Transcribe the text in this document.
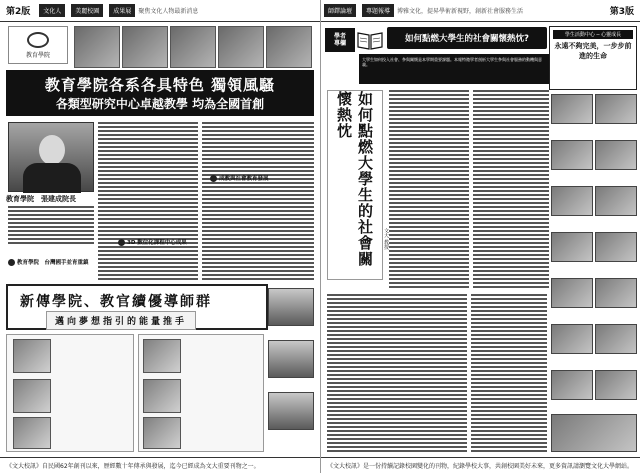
第2版	文化人	美麗校園	成果展	聚焦文化人物最新消息
教育學院
教育學院各系各具特色 獨領風騷
各類型研究中心卓越教學 均為全國首創
教育學院　張建成院長
成教與社會教育發展
3D 數位化課程中心成果
教育學院　台灣國手並育重鎮
新傳學院、教官續優導師群
邁向夢想指引的能量推手
《文大校訊》自民國62年創刊以來，歷經數十年傳承與發展，迄今已經成為文大重要刊物之一。
師鐸論壇	專題報導	博雅文化，提昇學術新視野，創新社會服務生活	第3版
學者
專欄	如何點燃大學生的社會關懷熱忱?
大學生如何投入社會、參與關懷是本學期重要課題。本報特邀學者剖析大學生參與社會服務的動機與意義。
如何點燃大學生的社會關懷熱忱
文大 教授
學生活動中心 ─ 心靈成長
永遠不夠完美，一步步前進的生命
《文大校訊》是一份持續記錄校園變化的刊物，紀錄學校大事，共創校園美好未來，更多資訊請瀏覽文化大學網站。
